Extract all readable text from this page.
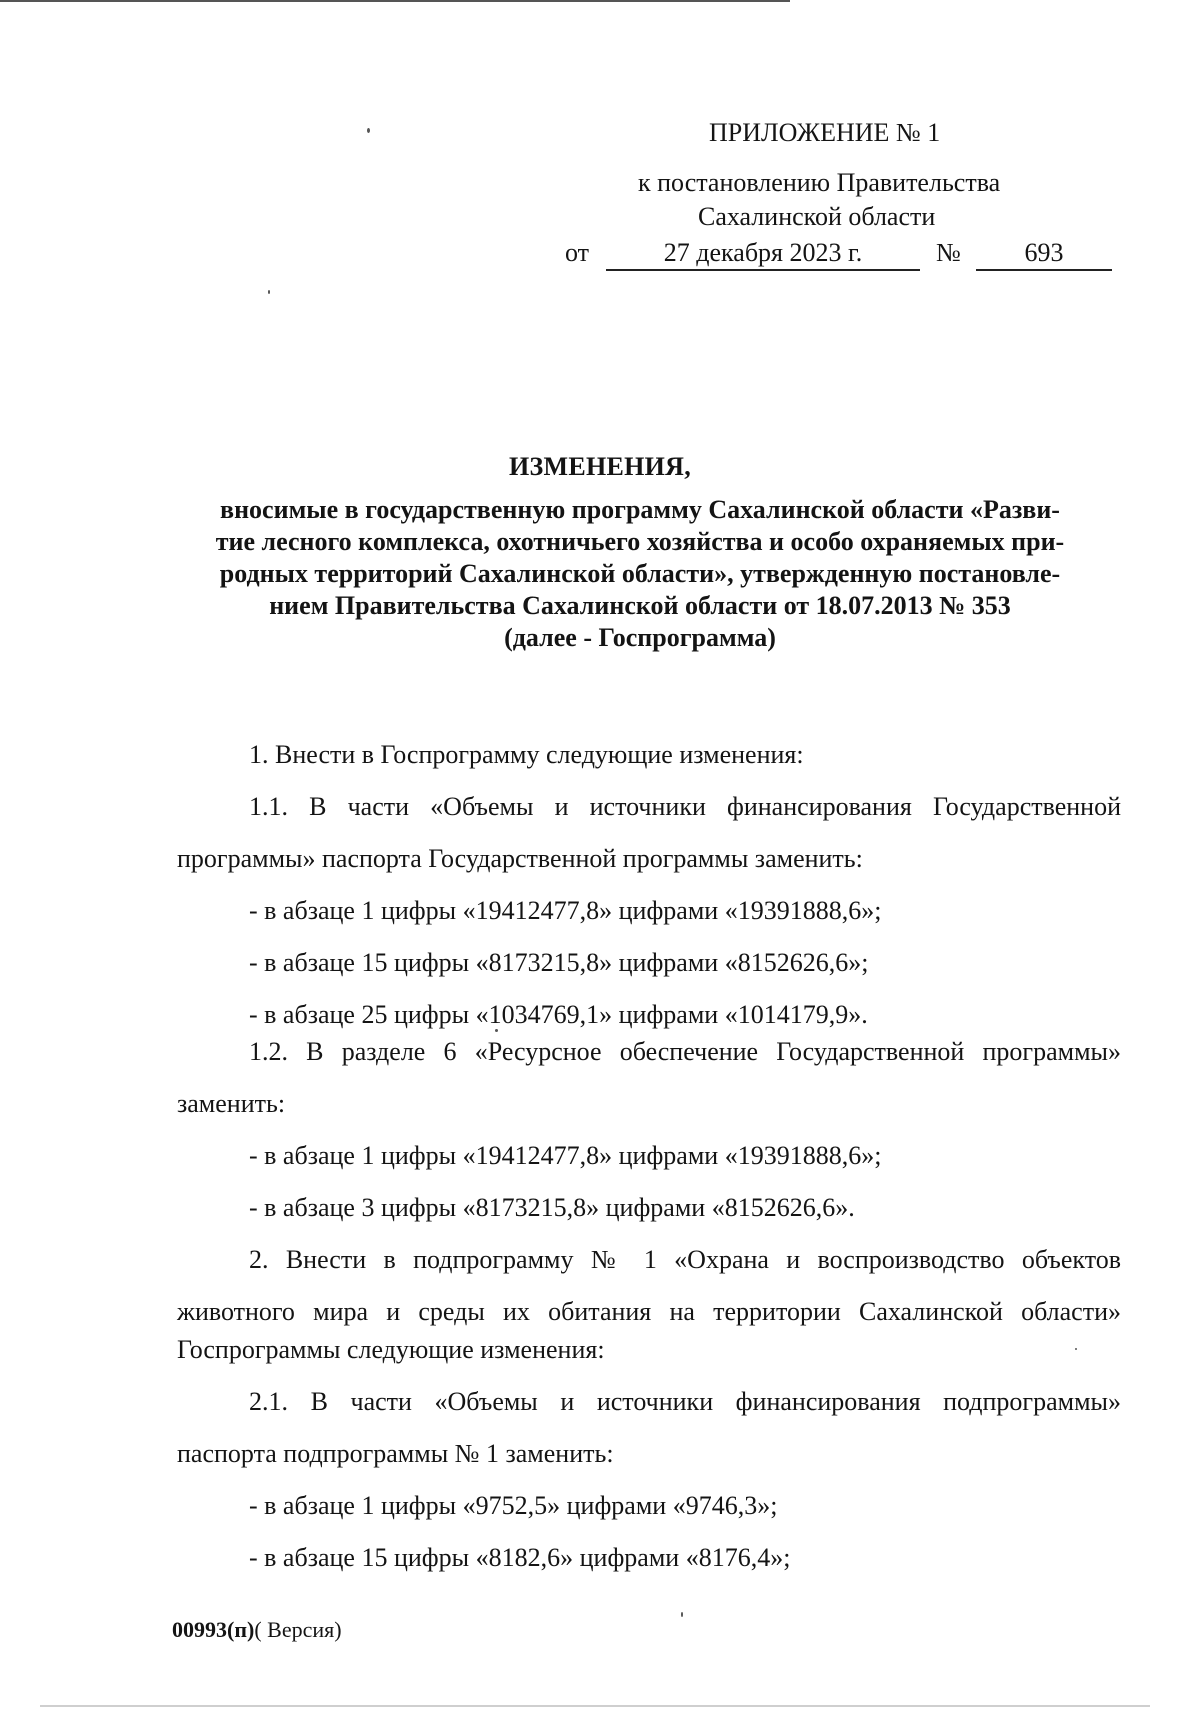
ПРИЛОЖЕНИЕ № 1
к постановлению Правительства
Сахалинской области
от	27 декабря 2023 г.	№	693
ИЗМЕНЕНИЯ,
вносимые в государственную программу Сахалинской области «Разви-
тие лесного комплекса, охотничьего хозяйства и особо охраняемых при-
родных территорий Сахалинской области», утвержденную постановле-
нием Правительства Сахалинской области от 18.07.2013 № 353
(далее - Госпрограмма)
1. Внести в Госпрограмму следующие изменения:
1.1. В части «Объемы и источники финансирования Государственной
программы» паспорта Государственной программы заменить:
- в абзаце 1 цифры «19412477,8» цифрами «19391888,6»;
- в абзаце 15 цифры «8173215,8» цифрами «8152626,6»;
- в абзаце 25 цифры «1034769,1» цифрами «1014179,9».
1.2. В разделе 6 «Ресурсное обеспечение Государственной программы»
заменить:
- в абзаце 1 цифры «19412477,8» цифрами «19391888,6»;
- в абзаце 3 цифры «8173215,8» цифрами «8152626,6».
2. Внести в подпрограмму № 1 «Охрана и воспроизводство объектов
животного мира и среды их обитания на территории Сахалинской области»
Госпрограммы следующие изменения:
2.1. В части «Объемы и источники финансирования подпрограммы»
паспорта подпрограммы № 1 заменить:
- в абзаце 1 цифры «9752,5» цифрами «9746,3»;
- в абзаце 15 цифры «8182,6» цифрами «8176,4»;
00993(п)( Версия)
